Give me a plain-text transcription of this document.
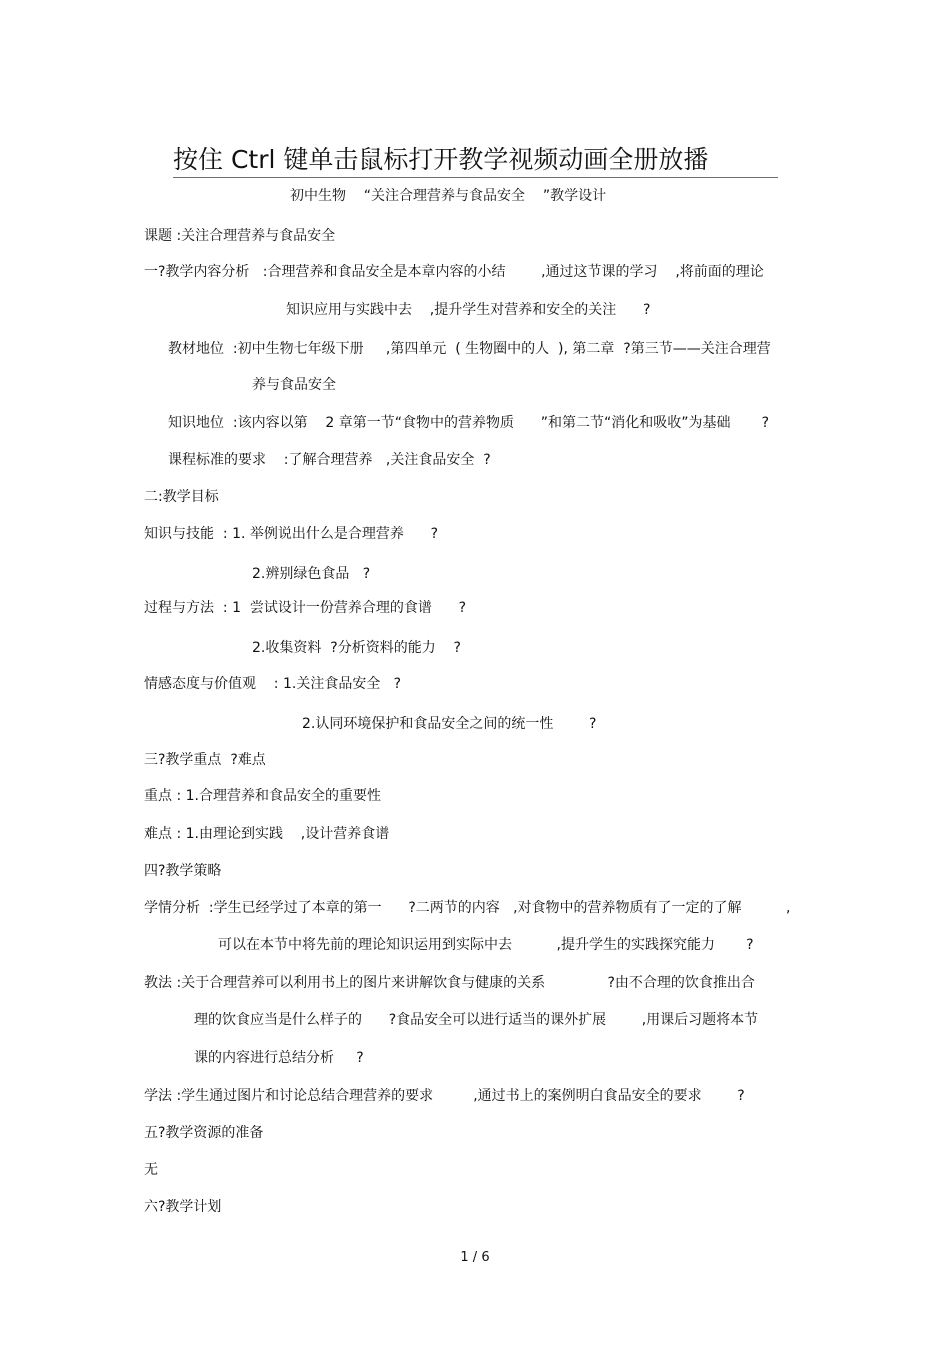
按住 Ctrl 键单击鼠标打开教学视频动画全册放播
初中生物    “关注合理营养与食品安全    ”教学设计
课题 :关注合理营养与食品安全
一?教学内容分析   :合理营养和食品安全是本章内容的小结        ,通过这节课的学习    ,将前面的理论
知识应用与实践中去    ,提升学生对营养和安全的关注      ?
教材地位  :初中生物七年级下册     ,第四单元  ( 生物圈中的人  ), 第二章  ?第三节——关注合理营
养与食品安全
知识地位  :该内容以第    2 章第一节“食物中的营养物质      ”和第二节“消化和吸收”为基础       ?
课程标准的要求    :了解合理营养   ,关注食品安全  ?
二:教学目标
知识与技能  : 1. 举例说出什么是合理营养      ?
2.辨别绿色食品   ?
过程与方法  : 1  尝试设计一份营养合理的食谱      ?
2.收集资料  ?分析资料的能力    ?
情感态度与价值观    : 1.关注食品安全   ?
2.认同环境保护和食品安全之间的统一性        ?
三?教学重点  ?难点
重点 : 1.合理营养和食品安全的重要性
难点 : 1.由理论到实践    ,设计营养食谱
四?教学策略
学情分析  :学生已经学过了本章的第一      ?二两节的内容   ,对食物中的营养物质有了一定的了解          ,
可以在本节中将先前的理论知识运用到实际中去          ,提升学生的实践探究能力       ?
教法 :关于合理营养可以利用书上的图片来讲解饮食与健康的关系              ?由不合理的饮食推出合
理的饮食应当是什么样子的      ?食品安全可以进行适当的课外扩展        ,用课后习题将本节
课的内容进行总结分析     ?
学法 :学生通过图片和讨论总结合理营养的要求         ,通过书上的案例明白食品安全的要求        ?
五?教学资源的准备
无
六?教学计划
1 / 6
